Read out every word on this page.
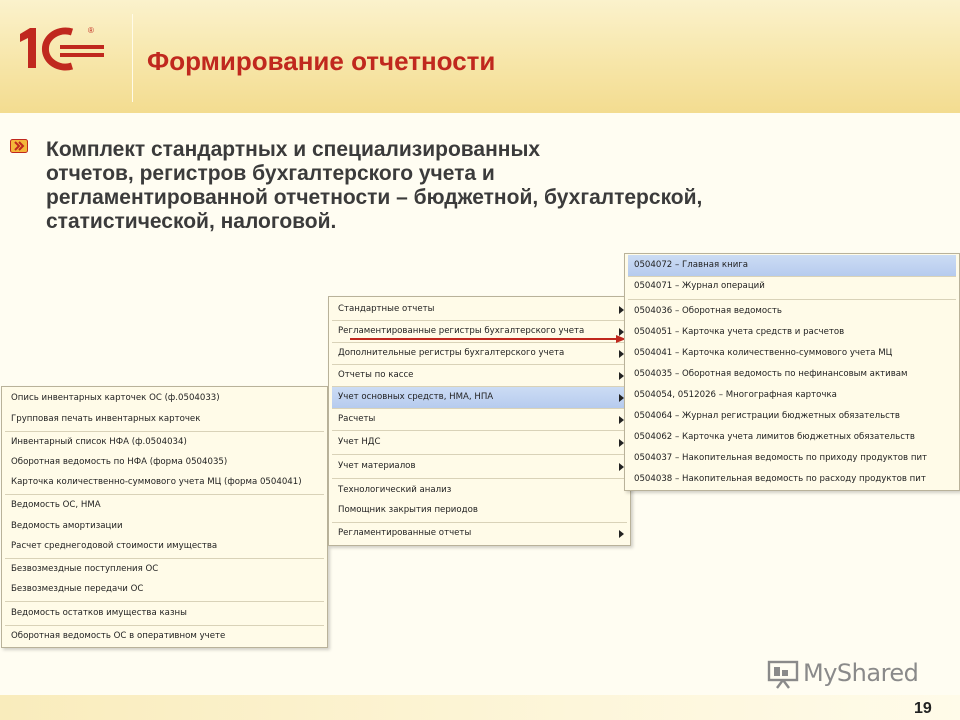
®
Формирование отчетности
Комплект стандартных и специализированных
отчетов, регистров бухгалтерского учета и
регламентированной отчетности – бюджетной, бухгалтерской,
статистической, налоговой.
Опись инвентарных карточек ОС (ф.0504033)
Групповая печать инвентарных карточек
Инвентарный список НФА (ф.0504034)
Оборотная ведомость по НФА (форма 0504035)
Карточка количественно-суммового учета МЦ (форма 0504041)
Ведомость ОС, НМА
Ведомость амортизации
Расчет среднегодовой стоимости имущества
Безвозмездные поступления ОС
Безвозмездные передачи ОС
Ведомость остатков имущества казны
Оборотная ведомость ОС в оперативном учете
Стандартные отчеты
Регламентированные регистры бухгалтерского учета
Дополнительные регистры бухгалтерского учета
Отчеты по кассе
Учет основных средств, НМА, НПА
Расчеты
Учет НДС
Учет материалов
Технологический анализ
Помощник закрытия периодов
Регламентированные отчеты
0504072 – Главная книга
0504071 – Журнал операций
0504036 – Оборотная ведомость
0504051 – Карточка учета средств и расчетов
0504041 – Карточка количественно-суммового учета МЦ
0504035 – Оборотная ведомость по нефинансовым активам
0504054, 0512026 – Многографная карточка
0504064 – Журнал регистрации бюджетных обязательств
0504062 – Карточка учета лимитов бюджетных обязательств
0504037 – Накопительная ведомость по приходу продуктов пит
0504038 – Накопительная ведомость по расходу продуктов пит
MyShared
19
